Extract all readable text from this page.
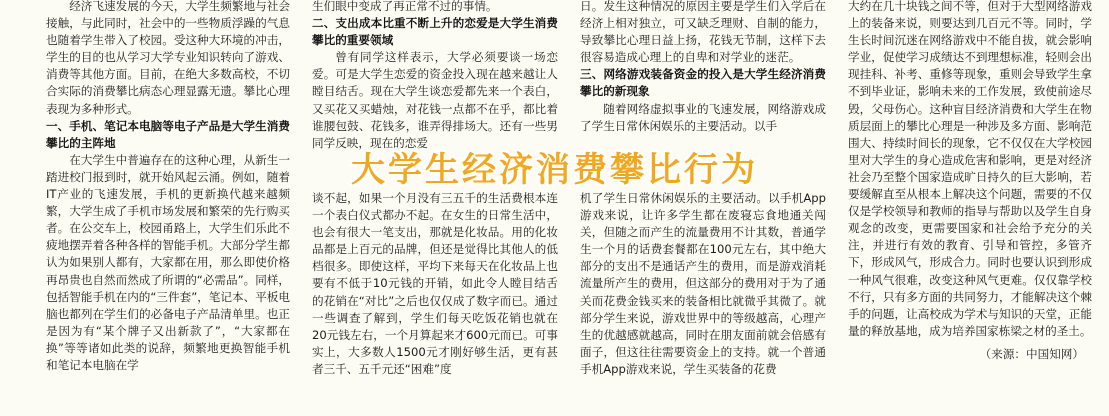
经济飞速发展的今天，大学生频繁地与社会接触，与此同时，社会中的一些物质浮躁的气息也随着学生带入了校园。受这种大环境的冲击，学生的目的也从学习大学专业知识转向了游戏、消费等其他方面。目前，在绝大多数高校，不切合实际的消费攀比病态心理显露无遗。攀比心理表现为多种形式。

一、手机、笔记本电脑等电子产品是大学生消费攀比的主阵地

在大学生中普遍存在的这种心理，从新生一踏进校门报到时，就开始风起云涌。例如，随着IT产业的飞速发展，手机的更新换代越来越频繁，大学生成了手机市场发展和繁荣的先行购买者。在公交车上，校园甬路上，大学生们乐此不疲地摆弄着各种各样的智能手机。大部分学生都认为如果别人都有，大家都在用，那么即使价格再昂贵也自然而然成了所谓的“必需品”。同样，包括智能手机在内的“三件套”，笔记本、平板电脑也都列在学生们的必备电子产品清单里。也正是因为有“某个牌子又出新款了”，“大家都在换”等等诸如此类的说辞，频繁地更换智能手机和笔记本电脑在学

生们眼中变成了再正常不过的事情。

二、支出成本比重不断上升的恋爱是大学生消费攀比的重要领域

曾有同学这样表示，大学必须要谈一场恋爱。可是大学生恋爱的资金投入现在越来越让人瞠目结舌。现在大学生谈恋爱都先来一个表白，又买花又买蜡烛，对花钱一点都不在乎，都比着谁腰包鼓、花钱多，谁弄得排场大。还有一些男同学反映，现在的恋爱

谈不起，如果一个月没有三五千的生活费根本连一个表白仪式都办不起。在女生的日常生活中，也会有很大一笔支出，那就是化妆品。用的化妆品都是上百元的品牌，但还是觉得比其他人的低档很多。即使这样，平均下来每天在化妆品上也要有不低于10元钱的开销，如此令人瞠目结舌的花销在“对比”之后也仅仅成了数字而已。通过一些调查了解到，学生们每天吃饭花销也就在20元钱左右，一个月算起来才600元而已。可事实上，大多数人1500元才刚好够生活，更有甚者三千、五千元还“困难”度

日。发生这种情况的原因主要是学生们入学后在经济上相对独立，可又缺乏理财、自制的能力，导致攀比心理日益上扬，花钱无节制，这样下去很容易造成心理上的自卑和对学业的迷茫。

三、网络游戏装备资金的投入是大学生经济消费攀比的新现象

随着网络虚拟事业的飞速发展，网络游戏成了学生日常休闲娱乐的主要活动。以手

机了学生日常休闲娱乐的主要活动。以手机App游戏来说，让许多学生都在废寝忘食地通关闯关，但随之而产生的流量费用不计其数，普通学生一个月的话费套餐都在100元左右，其中绝大部分的支出不是通话产生的费用，而是游戏消耗流量所产生的费用，但这部分的费用对于为了通关而花费金钱买来的装备相比就微乎其微了。就部分学生来说，游戏世界中的等级越高，心理产生的优越感就越高，同时在朋友面前就会倍感有面子，但这往往需要资金上的支持。就一个普通手机App游戏来说，学生买装备的花费

大约在几十块钱之间不等，但对于大型网络游戏上的装备来说，则要达到几百元不等。同时，学生长时间沉迷在网络游戏中不能自拔，就会影响学业，促使学习成绩达不到理想标准，轻则会出现挂科、补考、重修等现象，重则会导致学生拿不到毕业证，影响未来的工作发展，致使前途尽毁，父母伤心。这种盲目经济消费和大学生在物质层面上的攀比心理是一种涉及多方面、影响范围大、持续时间长的现象，它不仅仅在大学校园里对大学生的身心造成危害和影响，更是对经济社会乃至整个国家造成旷日持久的巨大影响，若要缓解直至从根本上解决这个问题，需要的不仅仅是学校领导和教师的指导与帮助以及学生自身观念的改变，更需要国家和社会给予充分的关注，并进行有效的教育、引导和管控，多管齐下，形成风气，形成合力。同时也要认识到形成一种风气很难，改变这种风气更难。仅仅靠学校不行，只有多方面的共同努力，才能解决这个棘手的问题，让高校成为学术与知识的天堂，正能量的释放基地，成为培养国家栋梁之材的圣土。

（来源：中国知网）

大学生经济消费攀比行为
